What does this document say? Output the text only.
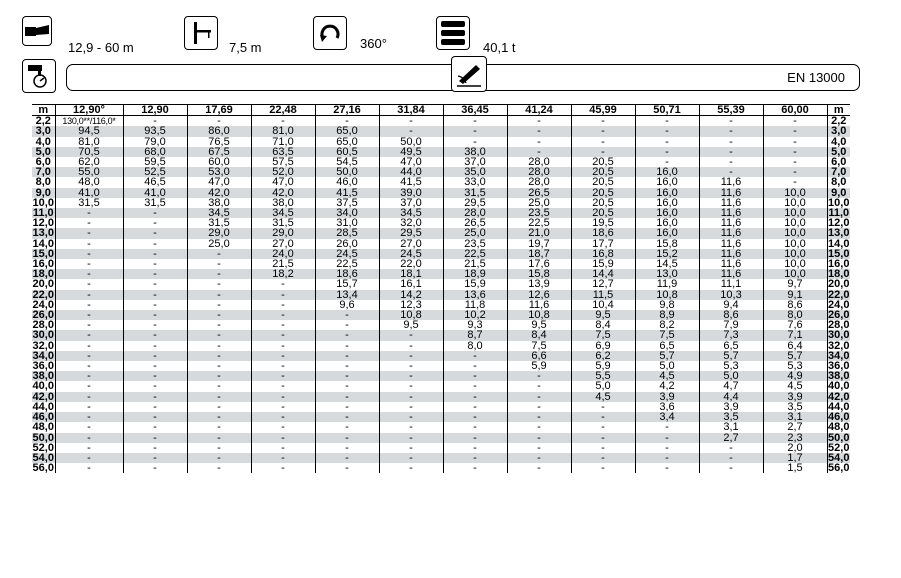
12,9 - 60 m	7,5 m	360°	40,1 t
EN 13000
m	12,90°	12,90	17,69	22,48	27,16	31,84	36,45	41,24	45,99	50,71	55,39	60,00	m
2,2	130,0**/116,0*	-	-	-	-	-	-	-	-	-	-	-	2,2
3,0	94,5	93,5	86,0	81,0	65,0	-	-	-	-	-	-	-	3,0
4,0	81,0	79,0	76,5	71,0	65,0	50,0	-	-	-	-	-	-	4,0
5,0	70,5	68,0	67,5	63,5	60,5	49,5	38,0	-	-	-	-	-	5,0
6,0	62,0	59,5	60,0	57,5	54,5	47,0	37,0	28,0	20,5	-	-	-	6,0
7,0	55,0	52,5	53,0	52,0	50,0	44,0	35,0	28,0	20,5	16,0	-	-	7,0
8,0	48,0	46,5	47,0	47,0	46,0	41,5	33,0	28,0	20,5	16,0	11,6	-	8,0
9,0	41,0	41,0	42,0	42,0	41,5	39,0	31,5	26,5	20,5	16,0	11,6	10,0	9,0
10,0	31,5	31,5	38,0	38,0	37,5	37,0	29,5	25,0	20,5	16,0	11,6	10,0	10,0
11,0	-	-	34,5	34,5	34,0	34,5	28,0	23,5	20,5	16,0	11,6	10,0	11,0
12,0	-	-	31,5	31,5	31,0	32,0	26,5	22,5	19,5	16,0	11,6	10,0	12,0
13,0	-	-	29,0	29,0	28,5	29,5	25,0	21,0	18,6	16,0	11,6	10,0	13,0
14,0	-	-	25,0	27,0	26,0	27,0	23,5	19,7	17,7	15,8	11,6	10,0	14,0
15,0	-	-	-	24,0	24,5	24,5	22,5	18,7	16,8	15,2	11,6	10,0	15,0
16,0	-	-	-	21,5	22,5	22,0	21,5	17,6	15,9	14,5	11,6	10,0	16,0
18,0	-	-	-	18,2	18,6	18,1	18,9	15,8	14,4	13,0	11,6	10,0	18,0
20,0	-	-	-	-	15,7	16,1	15,9	13,9	12,7	11,9	11,1	9,7	20,0
22,0	-	-	-	-	13,4	14,2	13,6	12,6	11,5	10,8	10,3	9,1	22,0
24,0	-	-	-	-	9,6	12,3	11,8	11,6	10,4	9,8	9,4	8,6	24,0
26,0	-	-	-	-	-	10,8	10,2	10,8	9,5	8,9	8,6	8,0	26,0
28,0	-	-	-	-	-	9,5	9,3	9,5	8,4	8,2	7,9	7,6	28,0
30,0	-	-	-	-	-	-	8,7	8,4	7,5	7,5	7,3	7,1	30,0
32,0	-	-	-	-	-	-	8,0	7,5	6,9	6,5	6,5	6,4	32,0
34,0	-	-	-	-	-	-	-	6,6	6,2	5,7	5,7	5,7	34,0
36,0	-	-	-	-	-	-	-	5,9	5,9	5,0	5,3	5,3	36,0
38,0	-	-	-	-	-	-	-	-	5,5	4,5	5,0	4,9	38,0
40,0	-	-	-	-	-	-	-	-	5,0	4,2	4,7	4,5	40,0
42,0	-	-	-	-	-	-	-	-	4,5	3,9	4,4	3,9	42,0
44,0	-	-	-	-	-	-	-	-	-	3,6	3,9	3,5	44,0
46,0	-	-	-	-	-	-	-	-	-	3,4	3,5	3,1	46,0
48,0	-	-	-	-	-	-	-	-	-	-	3,1	2,7	48,0
50,0	-	-	-	-	-	-	-	-	-	-	2,7	2,3	50,0
52,0	-	-	-	-	-	-	-	-	-	-	-	2,0	52,0
54,0	-	-	-	-	-	-	-	-	-	-	-	1,7	54,0
56,0	-	-	-	-	-	-	-	-	-	-	-	1,5	56,0
